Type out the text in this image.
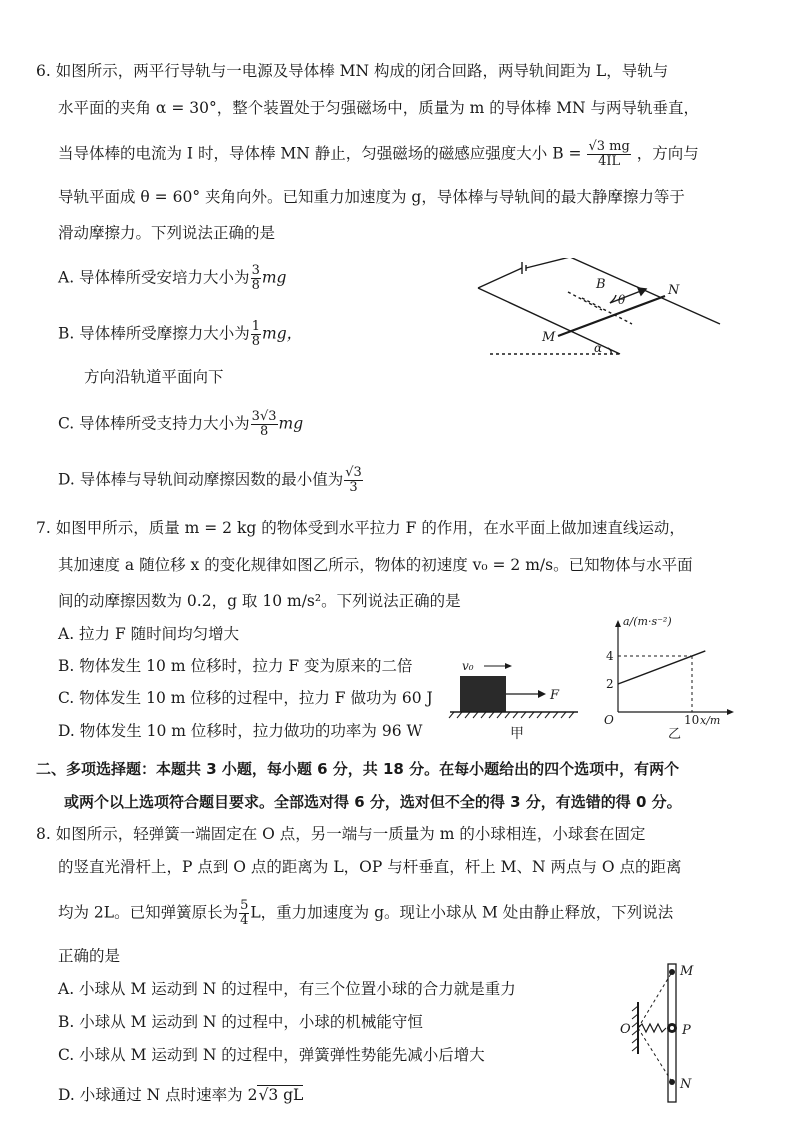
6. 如图所示，两平行导轨与一电源及导体棒 MN 构成的闭合回路，两导轨间距为 L，导轨与
水平面的夹角 α = 30°，整个装置处于匀强磁场中，质量为 m 的导体棒 MN 与两导轨垂直，
当导体棒的电流为 I 时，导体棒 MN 静止，匀强磁场的磁感应强度大小 $B = \frac{√3 mg}{4IL}$ ，方向与
导轨平面成 θ = 60° 夹角向外。已知重力加速度为 g，导体棒与导轨间的最大静摩擦力等于
滑动摩擦力。下列说法正确的是
A. 导体棒所受安培力大小为 $\frac{3}{8}$ mg
B. 导体棒所受摩擦力大小为 $\frac{1}{8}$ mg，
方向沿轨道平面向下
C. 导体棒所受支持力大小为 $\frac{3√3}{8}$ mg
D. 导体棒与导轨间动摩擦因数的最小值为 $\frac{√3}{3}$
B	N
M
θ
α
7. 如图甲所示，质量 m = 2 kg 的物体受到水平拉力 F 的作用，在水平面上做加速直线运动，
其加速度 a 随位移 x 的变化规律如图乙所示，物体的初速度 v₀ = 2 m/s。已知物体与水平面
间的动摩擦因数为 0.2，g 取 10 m/s²。下列说法正确的是
A. 拉力 F 随时间均匀增大
B. 物体发生 10 m 位移时，拉力 F 变为原来的二倍
C. 物体发生 10 m 位移的过程中，拉力 F 做功为 60 J
D. 物体发生 10 m 位移时，拉力做功的功率为 96 W
F
v₀
甲
2
4
10
O	x/m
a/(m·s⁻²)
乙
二、多项选择题：本题共 3 小题，每小题 6 分，共 18 分。在每小题给出的四个选项中，有两个
或两个以上选项符合题目要求。全部选对得 6 分，选对但不全的得 3 分，有选错的得 0 分。
8. 如图所示，轻弹簧一端固定在 O 点，另一端与一质量为 m 的小球相连，小球套在固定
的竖直光滑杆上，P 点到 O 点的距离为 L，OP 与杆垂直，杆上 M、N 两点与 O 点的距离
均为 2L。已知弹簧原长为 $\frac{5}{4}$ L，重力加速度为 g。现让小球从 M 处由静止释放，下列说法
正确的是
A. 小球从 M 运动到 N 的过程中，有三个位置小球的合力就是重力
B. 小球从 M 运动到 N 的过程中，小球的机械能守恒
C. 小球从 M 运动到 N 的过程中，弹簧弹性势能先减小后增大
D. 小球通过 N 点时速率为 2√3 gL
M
P
N
O
